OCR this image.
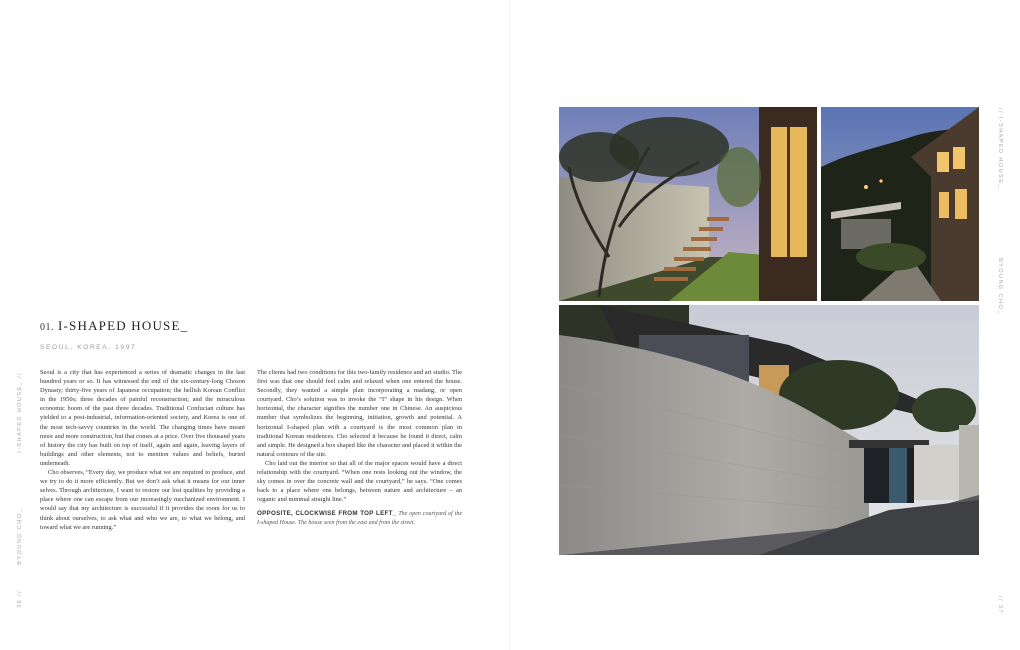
01. I-SHAPED HOUSE_
SEOUL, KOREA, 1997

Seoul is a city that has experienced a series of dramatic changes in the last hundred years or so. It has witnessed the end of the six-century-long Choson Dynasty; thirty-five years of Japanese occupation; the hellish Korean Conflict in the 1950s; three decades of painful reconstruction; and the miraculous economic boom of the past three decades. Traditional Confucian culture has yielded to a post-industrial, information-oriented society, and Korea is one of the most tech-savvy countries in the world. The changing times have meant more and more construction, but that comes at a price. Over five thousand years of history the city has built on top of itself, again and again, leaving layers of buildings and other elements, not to mention values and beliefs, buried underneath.

Cho observes, “Every day, we produce what we are required to produce, and we try to do it more efficiently. But we don’t ask what it means for our inner selves. Through architecture, I want to restore our lost qualities by providing a place where one can escape from our increasingly mechanized environment. I would say that my architecture is successful if it provides the room for us to think about ourselves, to ask what and who we are, to what we belong, and toward what we are running.”

The clients had two conditions for this two-family residence and art studio. The first was that one should feel calm and relaxed when one entered the house. Secondly, they wanted a simple plan incorporating a madang, or open courtyard. Cho’s solution was to invoke the “I” shape in his design. When horizontal, the character signifies the number one in Chinese. An auspicious number that symbolizes the beginning, initiation, growth and potential. A horizontal I-shaped plan with a courtyard is the most common plan in traditional Korean residences. Cho selected it because he found it direct, calm and simple. He designed a box shaped like the character and placed it within the natural contours of the site.

Cho laid out the interior so that all of the major spaces would have a direct relationship with the courtyard. “When one rests looking out the window, the sky comes in over the concrete wall and the courtyard,” he says. “One comes back to a place where one belongs, between nature and architecture – an organic and minimal straight line.”

OPPOSITE, CLOCKWISE FROM TOP LEFT_ The open courtyard of the I-shaped House. The house seen from the east and from the street.
I-SHAPED HOUSE_ //
BYOUNG CHO_
36 //
// I-SHAPED HOUSE_
BYOUNG CHO_
// 37
